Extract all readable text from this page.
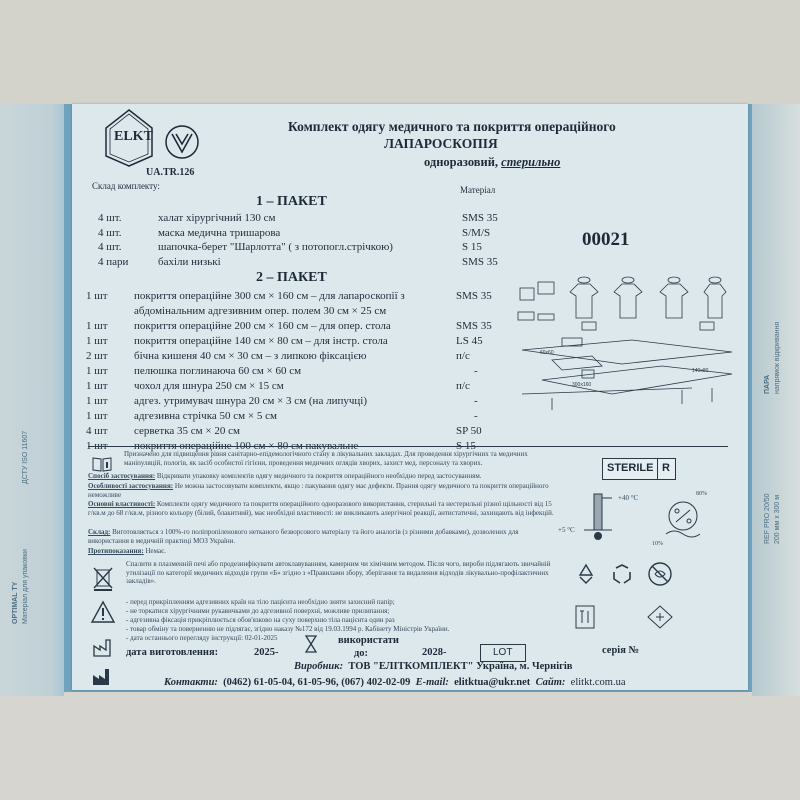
ДСТУ ISO 11607
OPTIMAL TY Матеріал для упаковки
ПАРА напрямок відкривання
REF PRO 20/50 200 мм x 300 м
ELKT
UA.TR.126
Комплект одягу медичного та покриття операційного
ЛАПАРОСКОПІЯ
одноразовий, стерильно
Склад комплекту:	Матеріал
1 – ПАКЕТ
4 шт.	халат хірургічний 130 см	SMS 35
4 шт.	маска медична тришарова	S/M/S
4 шт.	шапочка-берет "Шарлотта" ( з потопогл.стрічкою)	S 15
4 пари	бахіли низькі	SMS 35
2 – ПАКЕТ
1 шт покриття операційне 300 см × 160 см – для лапароскопії з	SMS 35
абдомінальним адгезивним опер. полем 30 см × 25 см
1 шт покриття операційне 200 см × 160 см – для опер. стола	SMS 35
1 шт покриття операційне 140 см × 80 см – для інстр. стола	LS 45
2 шт бічна кишеня 40 см × 30 см – з липкою фіксацією	п/с
1 шт пелюшка поглинаюча 60 см × 60 см	-
1 шт чохол для шнура 250 см × 15 см	п/с
1 шт адгез. утримувач шнура 20 см × 3 см (на липучці)	-
1 шт адгезивна стрічка 50 см × 5 см	-
4 шт серветка 35 см × 20 см	SP 50
1 шт покриття операційне 100 см × 80 см пакувальне	S 15
00021
60x60
300x160
140x80
Призначено для підвищення рівня санітарно-епідемологічного стану в лікувальних закладах. Для проведення хірургічних та медичних маніпуляцій, пологів, як засіб особистої гігієни, проведення медичних оглядів хворих, захист мед. персоналу та хворих.
Спосіб застосування: Відкривати упаковку комплектів одягу медичного та покриття операційного необхідно перед застосуванням.
Особливості застосування: Не можна застосовувати комплекти, якщо : пакування одягу має дефекти. Прання одягу медичного та покриття операційного неможливе
Основні властивості: Комплекти одягу медичного та покриття операційного одноразового використання, стерильні та нестерильні різної щільності від 15 г/кв.м до 68 г/кв.м, різного кольору (білий, блакитний), має необхідні властивості: не викликають алергічної реакції, антистатичні, захищають від інфекцій.
Склад: Виготовляється з 100%-го поліпропіленового нетканого безворсового матеріалу та його аналогів (з різними добавками), дозволених для використання в медичній практиці МОЗ України.
Протипоказання: Немає.
STERILE R
+40 °C
+5 °C
80%
10%
Спалити в плазменній печі або продезинфікувати автоклавуванням, камерним чи хімічним методом. Після чого, вироби підлягають звичайній утилізації по категорії медичних відходів групи «Б» згідно з «Правилами збору, зберігання та видалення відходів лікувально-профілактичних закладів».
- перед прикріпленням адгезивних країв на тіло пацієнта необхідно зняти захисний папір;
- не торкатися хірургічними рукавичками до адгезивної поверхні, можливе прилипання;
- адгезивна фіксація прикріплюється обов'язково на суху поверхню тіла пацієнта один раз
- товар обміну та поверненню не підлягає, згідно наказу №172 від 19.03.1994 р. Кабінету Міністрів України.
- дата останнього перегляду інструкції: 02-01-2025
дата виготовлення:	2025-
використати
до:	2028-	LOT	серія №
Виробник: ТОВ "ЕЛІТКОМПЛЕКТ" Україна, м. Чернігів
Контакти: (0462) 61-05-04, 61-05-96, (067) 402-02-09 E-mail: elitktua@ukr.net Сайт: elitkt.com.ua
